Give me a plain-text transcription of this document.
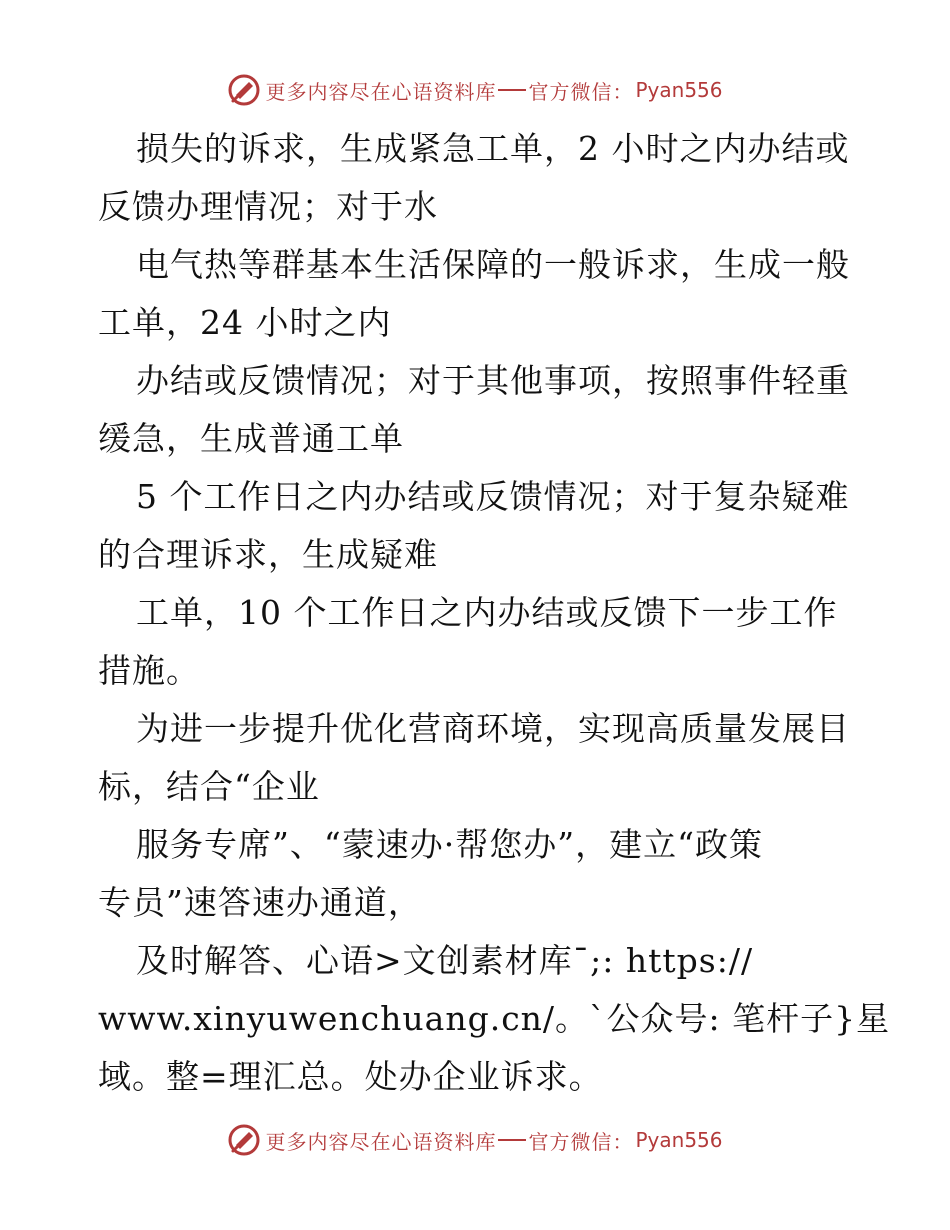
更多内容尽在心语资料库 官方微信： Pyan556

损失的诉求，生成紧急工单，2 小时之内办结或
反馈办理情况；对于水
电气热等群基本生活保障的一般诉求，生成一般
工单，24 小时之内
办结或反馈情况；对于其他事项，按照事件轻重
缓急，生成普通工单
5 个工作日之内办结或反馈情况；对于复杂疑难
的合理诉求，生成疑难
工单，10 个工作日之内办结或反馈下一步工作
措施。
为进一步提升优化营商环境，实现高质量发展目
标，结合“企业
服务专席”、“蒙速办·帮您办”，建立“政策
专员”速答速办通道，
及时解答、心语>文创素材库¯;: https://
www.xinyuwenchuang.cn/。`公众号: 笔杆子}星
域。整=理汇总。处办企业诉求。

更多内容尽在心语资料库 官方微信： Pyan556
